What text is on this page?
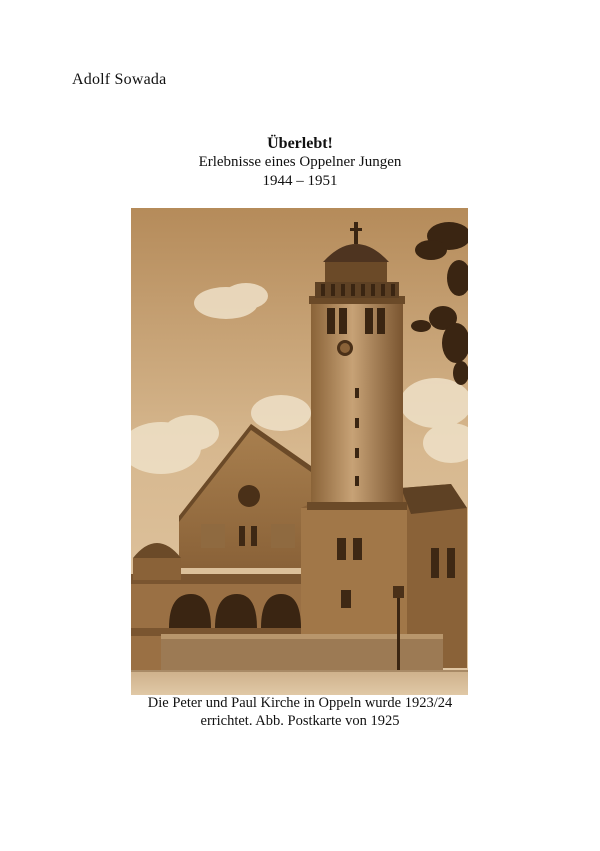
Adolf Sowada
Überlebt!
Erlebnisse eines Oppelner Jungen
1944 – 1951
Die Peter und Paul Kirche in Oppeln wurde 1923/24
errichtet. Abb. Postkarte von 1925
